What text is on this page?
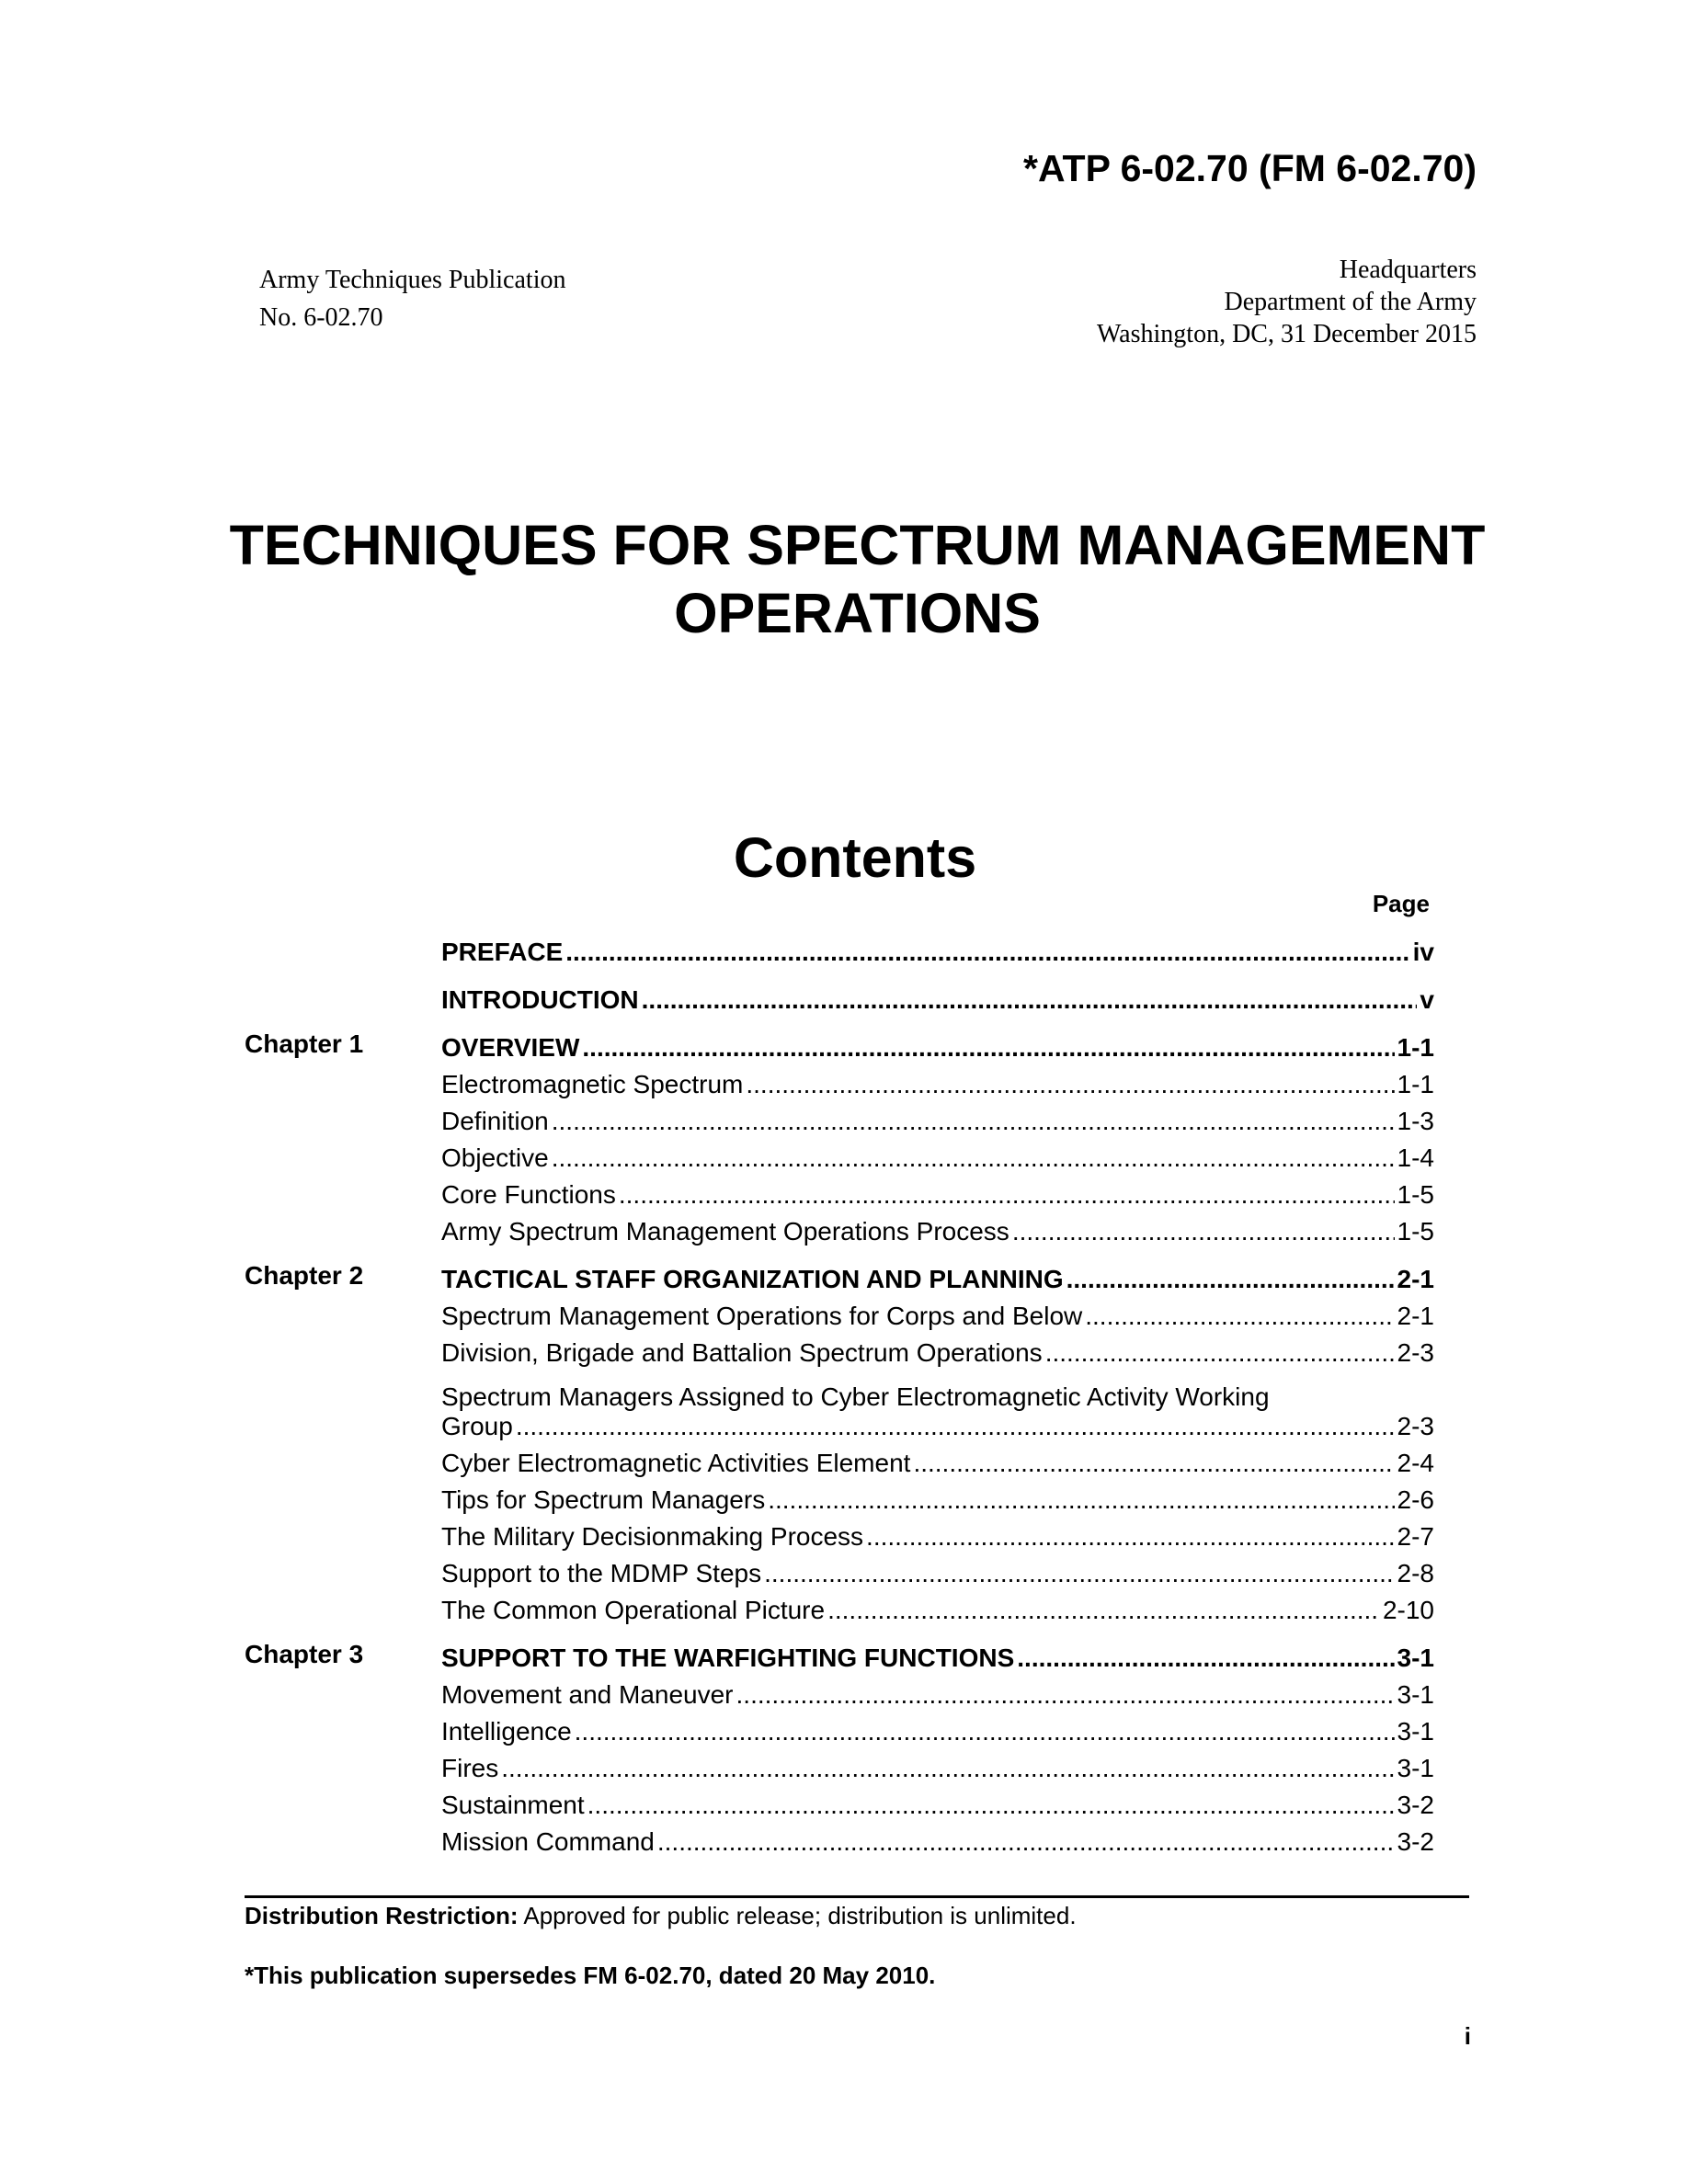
*ATP 6-02.70 (FM 6-02.70)
Army Techniques Publication
No. 6-02.70
Headquarters
Department of the Army
Washington, DC, 31 December 2015
TECHNIQUES FOR SPECTRUM MANAGEMENT
OPERATIONS
Contents
Page
PREFACE .....	iv
INTRODUCTION .....	v
Chapter 1	OVERVIEW .....	1-1
Electromagnetic Spectrum .....	1-1
Definition .....	1-3
Objective .....	1-4
Core Functions .....	1-5
Army Spectrum Management Operations Process .....	1-5
Chapter 2	TACTICAL STAFF ORGANIZATION AND PLANNING .....	2-1
Spectrum Management Operations for Corps and Below .....	2-1
Division, Brigade and Battalion Spectrum Operations .....	2-3
Spectrum Managers Assigned to Cyber Electromagnetic Activity Working
Group .....	2-3
Cyber Electromagnetic Activities Element .....	2-4
Tips for Spectrum Managers .....	2-6
The Military Decisionmaking Process .....	2-7
Support to the MDMP Steps .....	2-8
The Common Operational Picture .....	2-10
Chapter 3	SUPPORT TO THE WARFIGHTING FUNCTIONS .....	3-1
Movement and Maneuver .....	3-1
Intelligence .....	3-1
Fires .....	3-1
Sustainment .....	3-2
Mission Command .....	3-2
Distribution Restriction: Approved for public release; distribution is unlimited.
*This publication supersedes FM 6-02.70, dated 20 May 2010.
i
